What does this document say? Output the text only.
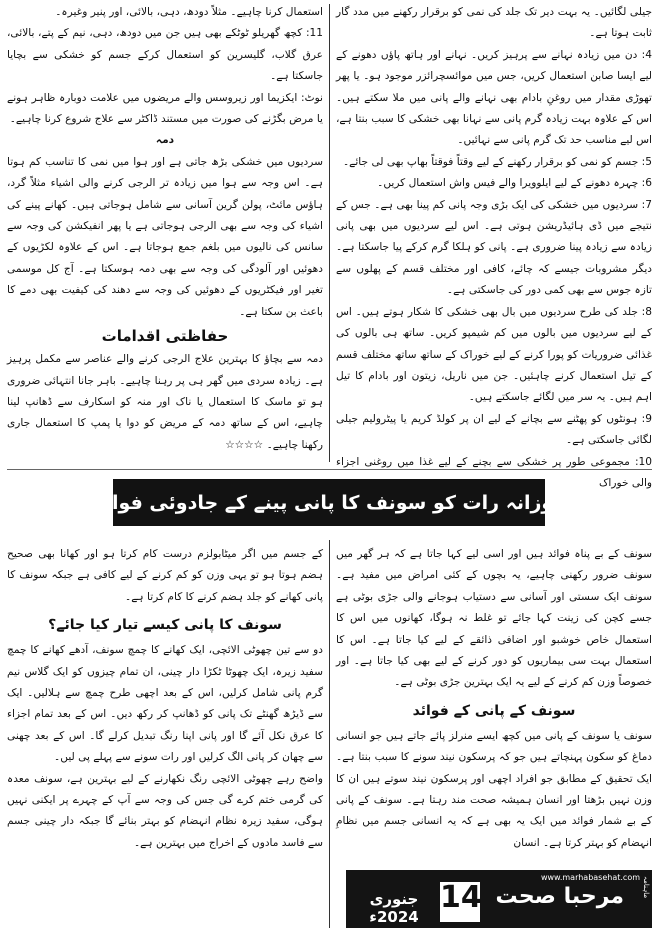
جیلی لگائیں۔ یہ بہت دیر تک جلد کی نمی کو برقرار رکھنے میں مدد گار ثابت ہوتا ہے۔

4: دن میں زیادہ نہانے سے پرہیز کریں۔ نہانے اور ہاتھ پاؤں دھونے کے لیے ایسا صابن استعمال کریں، جس میں موائسچرائزر موجود ہو۔ یا پھر تھوڑی مقدار میں روغنِ بادام بھی نہانے والے پانی میں ملا سکتے ہیں۔ اس کے علاوہ بہت زیادہ گرم پانی سے نہانا بھی خشکی کا سبب بنتا ہے، اس لیے مناسب حد تک گرم پانی سے نہائیں۔

5: جسم کو نمی کو برقرار رکھنے کے لیے وقتاً فوقتاً بھاپ بھی لی جائے۔

6: چہرہ دھونے کے لیے ایلوویرا والے فیس واش استعمال کریں۔

7: سردیوں میں خشکی کی ایک بڑی وجہ پانی کم پینا بھی ہے۔ جس کے نتیجے میں ڈی ہائیڈریشن ہوتی ہے۔ اس لیے سردیوں میں بھی پانی زیادہ سے زیادہ پینا ضروری ہے۔ پانی کو ہلکا گرم کرکے پیا جاسکتا ہے۔ دیگر مشروبات جیسے کہ چائے، کافی اور مختلف قسم کے پھلوں سے تازہ جوس سے بھی کمی دور کی جاسکتی ہے۔

8: جلد کی طرح سردیوں میں بال بھی خشکی کا شکار ہوتے ہیں۔ اس کے لیے سردیوں میں بالوں میں کم شیمپو کریں۔ ساتھ ہی بالوں کی غذائی ضروریات کو پورا کرنے کے لیے خوراک کے ساتھ ساتھ مختلف قسم کے تیل استعمال کرنے چاہئیں۔ جن میں ناریل، زیتون اور بادام کا تیل اہم ہیں۔ یہ سر میں لگائے جاسکتے ہیں۔

9: ہونٹوں کو پھٹنے سے بچانے کے لیے ان پر کولڈ کریم یا پیٹرولیم جیلی لگائی جاسکتی ہے۔

10: مجموعی طور پر خشکی سے بچنے کے لیے غذا میں روغنی اجزاء والی خوراک

استعمال کرنا چاہیے۔ مثلاً دودھ، دہی، بالائی، اور پنیر وغیرہ۔

11: کچھ گھریلو ٹوٹکے بھی ہیں جن میں دودھ، دہی، نیم کے پتے، بالائی، عرق گلاب، گلیسرین کو استعمال کرکے جسم کو خشکی سے بچایا جاسکتا ہے۔

نوٹ: ایکزیما اور زیروسس والے مریضوں میں علامت دوبارہ ظاہر ہونے یا مرض بگڑنے کی صورت میں مستند ڈاکٹر سے علاج شروع کرنا چاہیے۔

دمہ

سردیوں میں خشکی بڑھ جاتی ہے اور ہوا میں نمی کا تناسب کم ہوتا ہے۔ اس وجہ سے ہوا میں زیادہ تر الرجی کرنے والی اشیاء مثلاً گرد، ہاؤس مائٹ، پولن گرین آسانی سے شامل ہوجاتی ہیں۔ کھانے پینے کی اشیاء کی وجہ سے بھی الرجی ہوجاتی ہے یا پھر انفیکشن کی وجہ سے سانس کی نالیوں میں بلغم جمع ہوجاتا ہے۔ اس کے علاوہ لکڑیوں کے دھوئیں اور آلودگی کی وجہ سے بھی دمہ ہوسکتا ہے۔ آج کل موسمی تغیر اور فیکٹریوں کے دھوئیں کی وجہ سے دھند کی کیفیت بھی دمے کا باعث بن سکتا ہے۔

حفاظتی اقدامات

دمہ سے بچاؤ کا بہترین علاج الرجی کرنے والے عناصر سے مکمل پرہیز ہے۔ زیادہ سردی میں گھر ہی پر رہنا چاہیے۔ باہر جانا انتہائی ضروری ہو تو ماسک کا استعمال یا ناک اور منہ کو اسکارف سے ڈھانپ لینا چاہیے، اس کے ساتھ دمہ کے مریض کو دوا یا پمپ کا استعمال جاری رکھنا چاہیے۔ ☆☆☆☆

روزانہ رات کو سونف کا پانی پینے کے جادوئی فوائد

سونف کے بے پناہ فوائد ہیں اور اسی لیے کہا جاتا ہے کہ ہر گھر میں سونف ضرور رکھنی چاہیے، یہ بچوں کے کئی امراض میں مفید ہے۔ سونف ایک سستی اور آسانی سے دستیاب ہوجانے والی جڑی بوٹی ہے جسے کچن کی زینت کہا جائے تو غلط نہ ہوگا، کھانوں میں اس کا استعمال خاص خوشبو اور اضافی ذائقے کے لیے کیا جاتا ہے۔ اس کا استعمال بہت سی بیماریوں کو دور کرنے کے لیے بھی کیا جاتا ہے۔ اور خصوصاً وزن کم کرنے کے لیے یہ ایک بہترین جڑی بوٹی ہے۔

سونف کے پانی کے فوائد

سونف یا سونف کے پانی میں کچھ ایسے منرلز پائے جاتے ہیں جو انسانی دماغ کو سکون پہنچاتے ہیں جو کہ پرسکون نیند سونے کا سبب بنتا ہے۔ ایک تحقیق کے مطابق جو افراد اچھی اور پرسکون نیند سوتے ہیں ان کا وزن نہیں بڑھتا اور انسان ہمیشہ صحت مند رہتا ہے۔ سونف کے پانی کے بے شمار فوائد میں ایک یہ بھی ہے کہ یہ انسانی جسم میں نظامِ انہضام کو بہتر کرتا ہے۔ انسان

کے جسم میں اگر میٹابولزم درست کام کرتا ہو اور کھانا بھی صحیح ہضم ہوتا ہو تو یہی وزن کو کم کرنے کے لیے کافی ہے جبکہ سونف کا پانی کھانے کو جلد ہضم کرنے کا کام کرتا ہے۔

سونف کا پانی کیسے تیار کیا جائے؟

دو سے تین چھوٹی الائچی، ایک کھانے کا چمچ سونف، آدھے کھانے کا چمچ سفید زیرہ، ایک چھوٹا ٹکڑا دار چینی، ان تمام چیزوں کو ایک گلاس نیم گرم پانی شامل کرلیں، اس کے بعد اچھی طرح چمچ سے ہلالیں۔ ایک سے ڈیڑھ گھنٹے تک پانی کو ڈھانپ کر رکھ دیں۔ اس کے بعد تمام اجزاء کا عرق نکل آئے گا اور پانی اپنا رنگ تبدیل کرلے گا۔ اس کے بعد چھنی سے چھان کر پانی الگ کرلیں اور رات سونے سے پہلے پی لیں۔

واضح رہے چھوٹی الائچی رنگ نکھارنے کے لیے بہترین ہے، سونف معدہ کی گرمی ختم کرے گی جس کی وجہ سے آپ کے چہرے پر ایکنی نہیں ہوگی، سفید زیرہ نظام انہضام کو بہتر بنائے گا جبکہ دار چینی جسم سے فاسد مادوں کے اخراج میں بہترین ہے۔

www.marhabasehat.com ماہنامہ
مرحبا صحت
14
جنوری 2024ء
